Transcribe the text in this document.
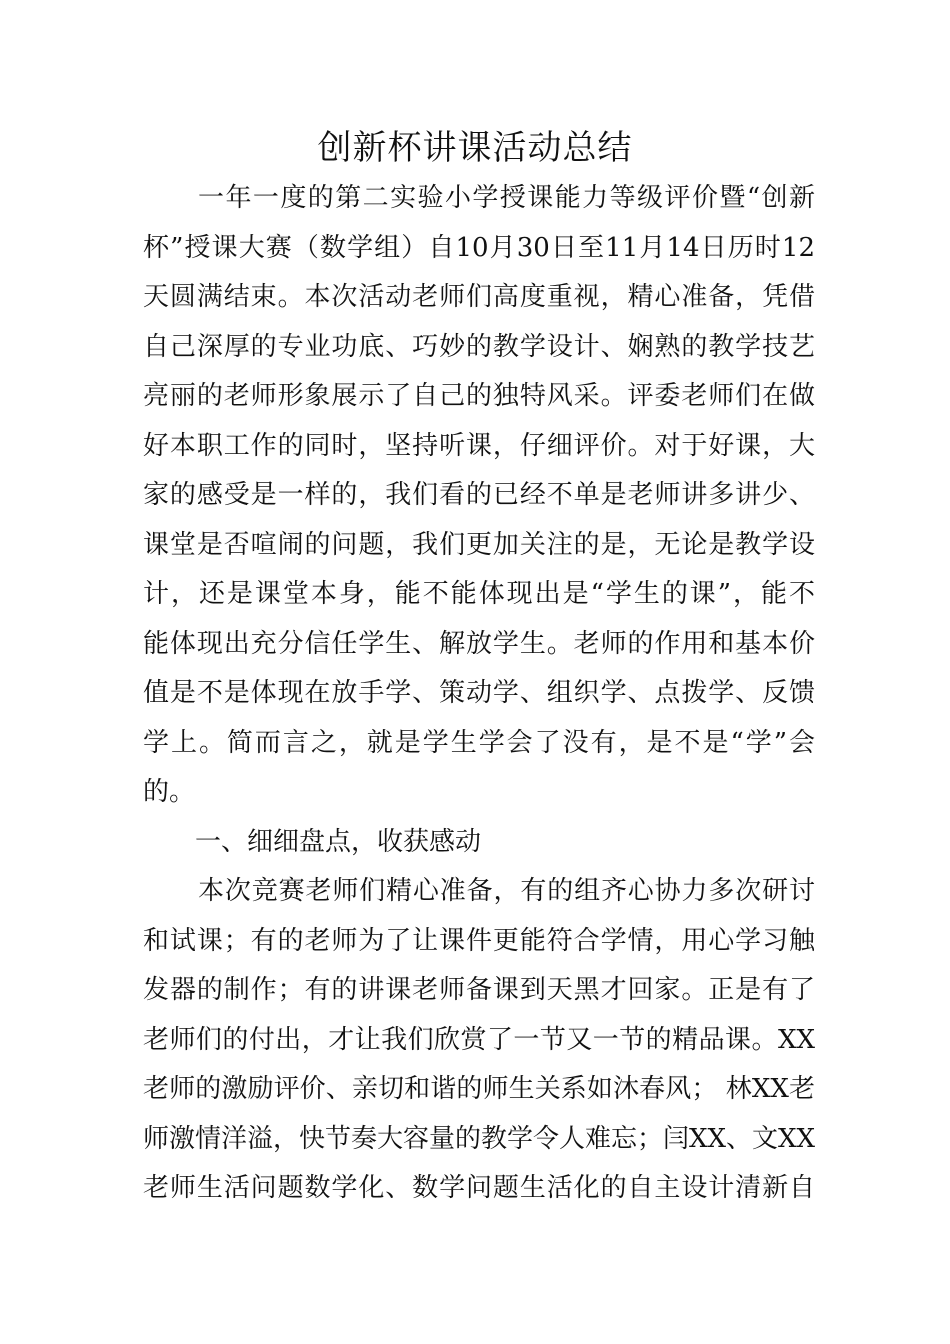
创新杯讲课活动总结
一年一度的第二实验小学授课能力等级评价暨“创新
杯”授课大赛（数学组）自10月30日至11月14日历时12
天圆满结束。本次活动老师们高度重视，精心准备，凭借
自己深厚的专业功底、巧妙的教学设计、娴熟的教学技艺
亮丽的老师形象展示了自己的独特风采。评委老师们在做
好本职工作的同时，坚持听课，仔细评价。对于好课，大
家的感受是一样的，我们看的已经不单是老师讲多讲少、
课堂是否喧闹的问题，我们更加关注的是，无论是教学设
计，还是课堂本身，能不能体现出是“学生的课”，能不
能体现出充分信任学生、解放学生。老师的作用和基本价
值是不是体现在放手学、策动学、组织学、点拨学、反馈
学上。简而言之，就是学生学会了没有，是不是“学”会
的。
一、细细盘点，收获感动
本次竞赛老师们精心准备，有的组齐心协力多次研讨
和试课；有的老师为了让课件更能符合学情，用心学习触
发器的制作；有的讲课老师备课到天黑才回家。正是有了
老师们的付出，才让我们欣赏了一节又一节的精品课。XX
老师的激励评价、亲切和谐的师生关系如沐春风； 林XX老
师激情洋溢，快节奏大容量的教学令人难忘；闫XX、文XX
老师生活问题数学化、数学问题生活化的自主设计清新自
